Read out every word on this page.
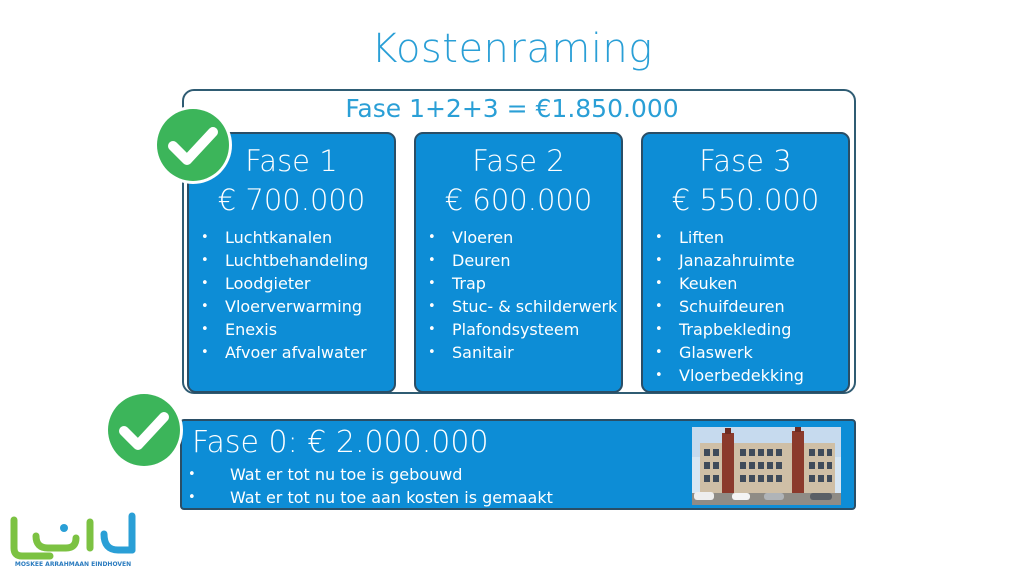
Kostenraming
Fase 1+2+3 = €1.850.000
Fase 1
€ 700.000
• Luchtkanalen
• Luchtbehandeling
• Loodgieter
• Vloerverwarming
• Enexis
• Afvoer afvalwater
Fase 2
€ 600.000
• Vloeren
• Deuren
• Trap
• Stuc- & schilderwerk
• Plafondsysteem
• Sanitair
Fase 3
€ 550.000
• Liften
• Janazahruimte
• Keuken
• Schuifdeuren
• Trapbekleding
• Glaswerk
• Vloerbedekking
Fase 0: € 2.000.000
• Wat er tot nu toe is gebouwd
• Wat er tot nu toe aan kosten is gemaakt
MOSKEE ARRAHMAAN EINDHOVEN
